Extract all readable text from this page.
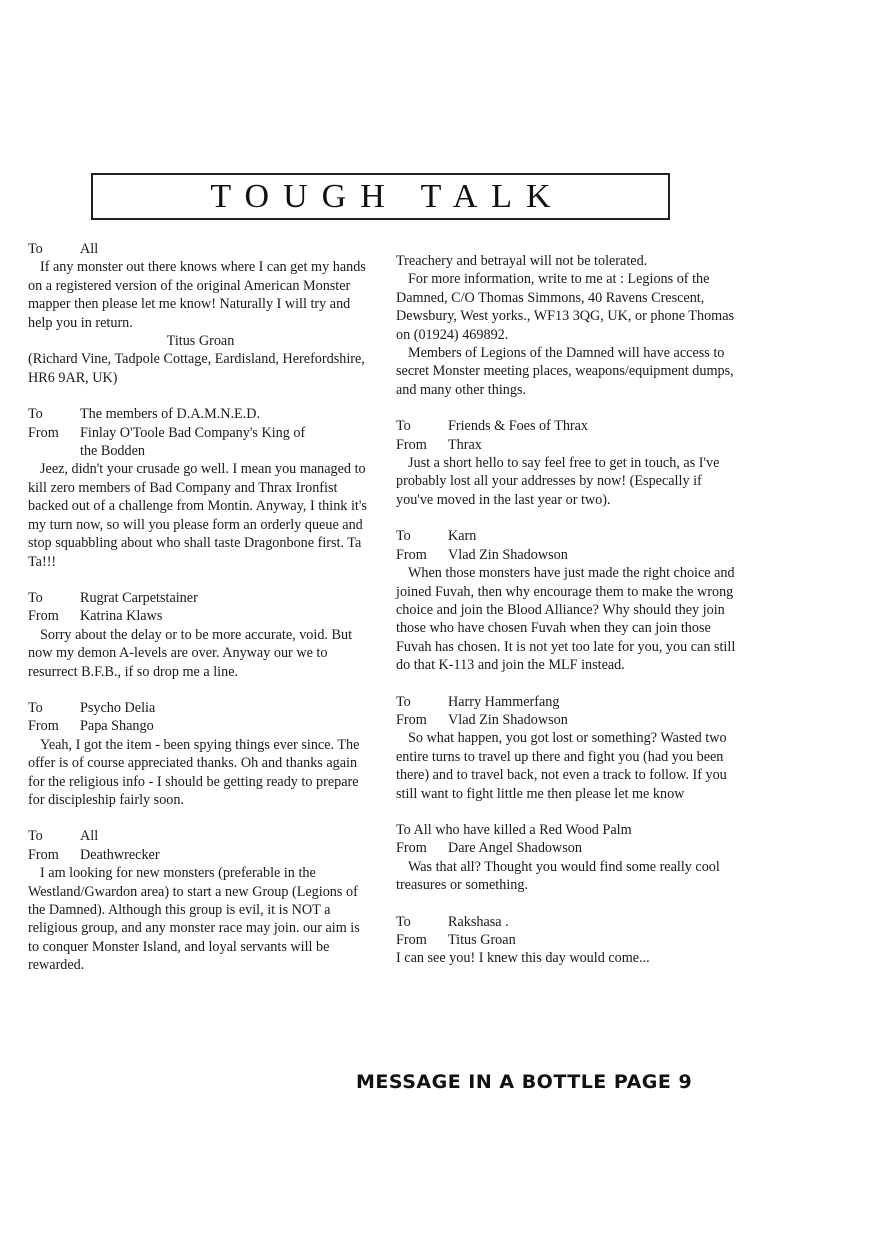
TOUGH TALK
To	All

If any monster out there knows where I can get my hands on a registered version of the original American Monster mapper then please let me know! Naturally I will try and help you in return.

Titus Groan

(Richard Vine, Tadpole Cottage, Eardisland, Herefordshire, HR6 9AR, UK)

To	The members of D.A.M.N.E.D.
From	Finlay O'Toole Bad Company's King of
the Bodden

Jeez, didn't your crusade go well. I mean you managed to kill zero members of Bad Company and Thrax Ironfist backed out of a challenge from Montin. Anyway, I think it's my turn now, so will you please form an orderly queue and stop squabbling about who shall taste Dragonbone first. Ta Ta!!!

To	Rugrat Carpetstainer
From	Katrina Klaws

Sorry about the delay or to be more accurate, void. But now my demon A-levels are over. Anyway our we to resurrect B.F.B., if so drop me a line.

To	Psycho Delia
From	Papa Shango

Yeah, I got the item - been spying things ever since. The offer is of course appreciated thanks. Oh and thanks again for the religious info - I should be getting ready to prepare for discipleship fairly soon.

To	All
From	Deathwrecker

I am looking for new monsters (preferable in the Westland/Gwardon area) to start a new Group (Legions of the Damned). Although this group is evil, it is NOT a religious group, and any monster race may join. our aim is to conquer Monster Island, and loyal servants will be rewarded.

Treachery and betrayal will not be tolerated.

For more information, write to me at : Legions of the Damned, C/O Thomas Simmons, 40 Ravens Crescent, Dewsbury, West yorks., WF13 3QG, UK, or phone Thomas on (01924) 469892.

Members of Legions of the Damned will have access to secret Monster meeting places, weapons/equipment dumps, and many other things.

To	Friends & Foes of Thrax
From	Thrax

Just a short hello to say feel free to get in touch, as I've probably lost all your addresses by now! (Especally if you've moved in the last year or two).

To	Karn
From	Vlad Zin Shadowson

When those monsters have just made the right choice and joined Fuvah, then why encourage them to make the wrong choice and join the Blood Alliance? Why should they join those who have chosen Fuvah when they can join those Fuvah has chosen. It is not yet too late for you, you can still do that K-113 and join the MLF instead.

To	Harry Hammerfang
From	Vlad Zin Shadowson

So what happen, you got lost or something? Wasted two entire turns to travel up there and fight you (had you been there) and to travel back, not even a track to follow. If you still want to fight little me then please let me know

To All who have killed a Red Wood Palm

From	Dare Angel Shadowson

Was that all? Thought you would find some really cool treasures or something.

To	Rakshasa .
From	Titus Groan

I can see you! I knew this day would come...

MESSAGE IN A BOTTLE PAGE 9
